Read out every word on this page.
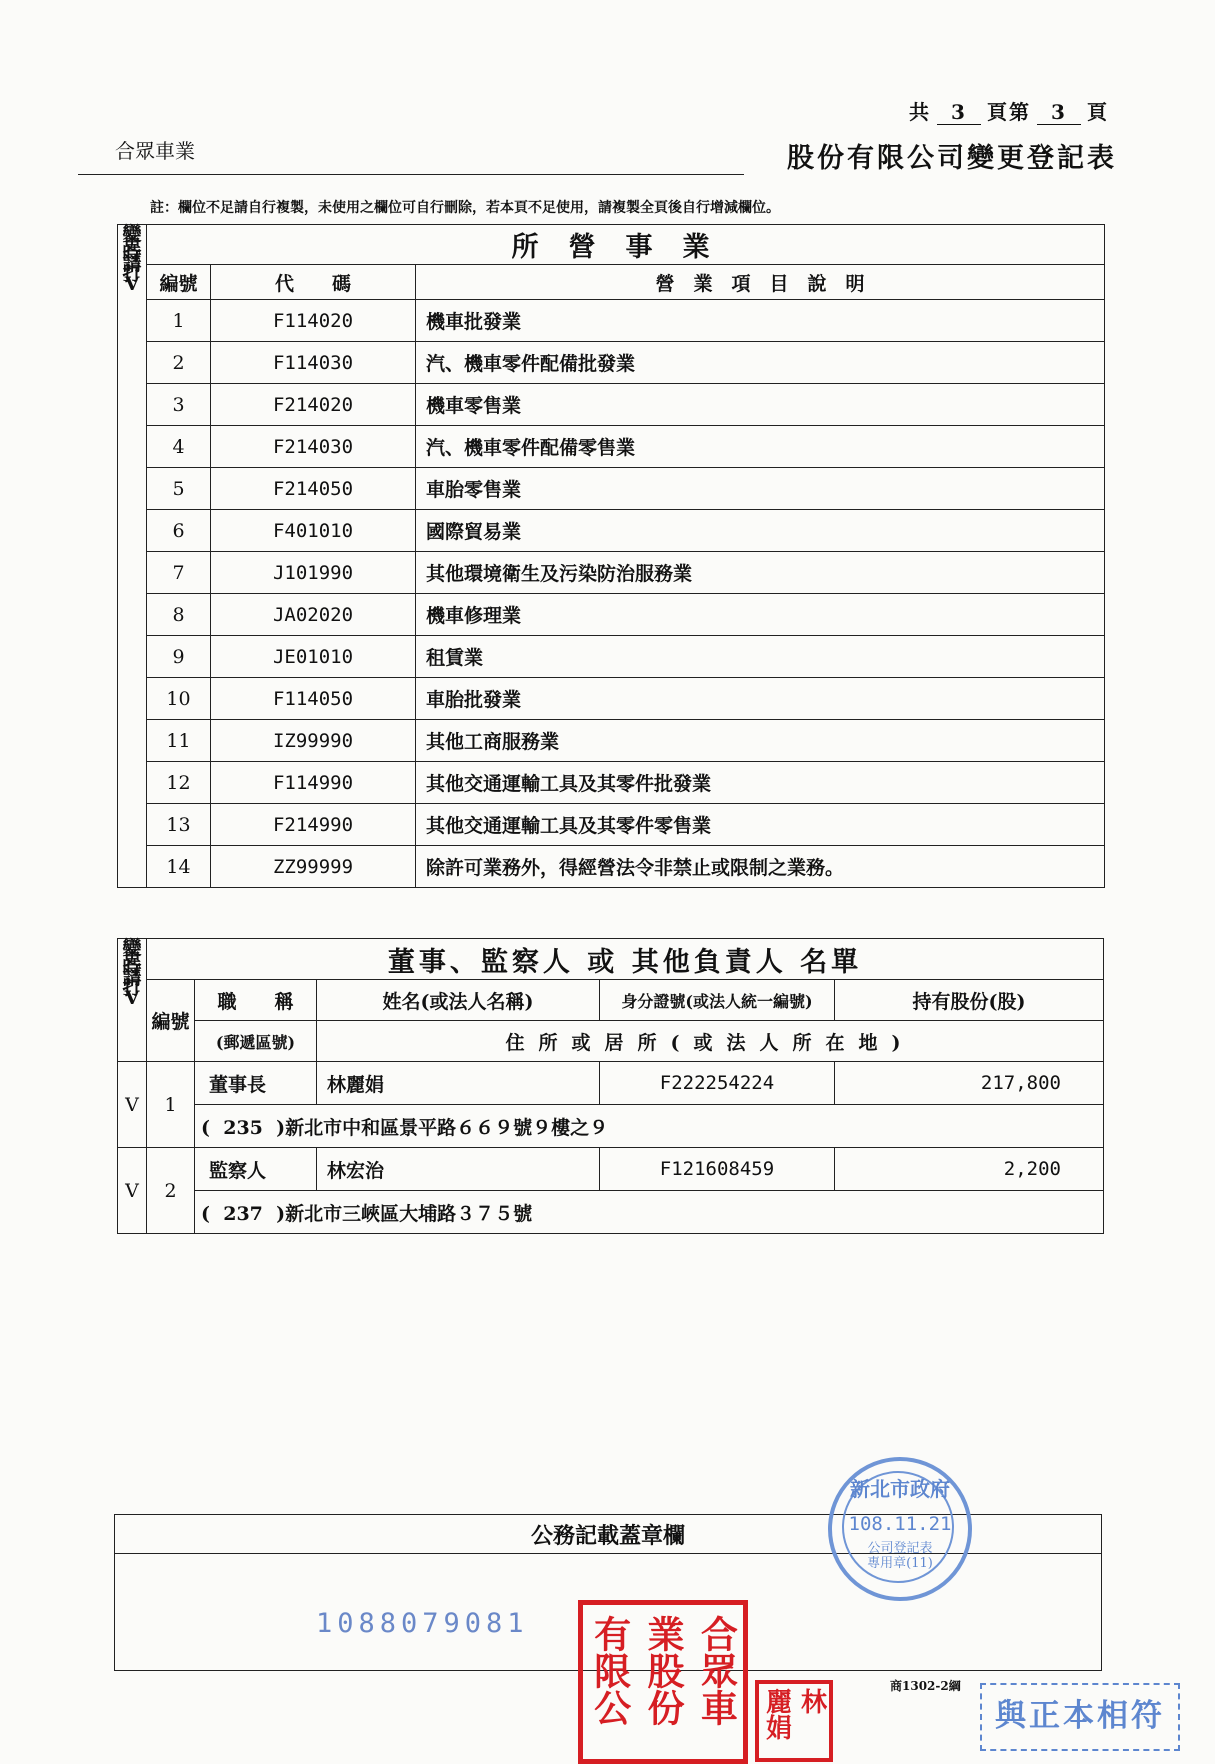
共 3 頁第 3 頁
合眾車業	股份有限公司變更登記表
註：欄位不足請自行複製，未使用之欄位可自行刪除，若本頁不足使用，請複製全頁後自行增減欄位。
變更時請打V	所營事業		
	編號	代　　碼	營　業　項　目　說　明
	1	F114020	機車批發業
	2	F114030	汽、機車零件配備批發業
	3	F214020	機車零售業
	4	F214030	汽、機車零件配備零售業
	5	F214050	車胎零售業
	6	F401010	國際貿易業
	7	J101990	其他環境衛生及污染防治服務業
	8	JA02020	機車修理業
	9	JE01010	租賃業
	10	F114050	車胎批發業
	11	IZ99990	其他工商服務業
	12	F114990	其他交通運輸工具及其零件批發業
	13	F214990	其他交通運輸工具及其零件零售業
	14	ZZ99999	除許可業務外，得經營法令非禁止或限制之業務。
變更時請打V	董事、監察人 或 其他負責人 名單				
	編號	職　　稱	姓名(或法人名稱)	身分證號(或法人統一編號)	持有股份(股)
		(郵遞區號)	住所或居所(或法人所在地)		
V	1	董事長	林麗娟	F222254224	217,800
		(  235  )新北市中和區景平路６６９號９樓之９			
V	2	監察人	林宏治	F121608459	2,200
		(  237  )新北市三峽區大埔路３７５號			
公務記載蓋章欄

1088079081
商1302-2綱
新北市政府
108.11.21
公司登記表
專用章(11)
合眾車
業股份
有限公	林
麗娟	與正本相符
